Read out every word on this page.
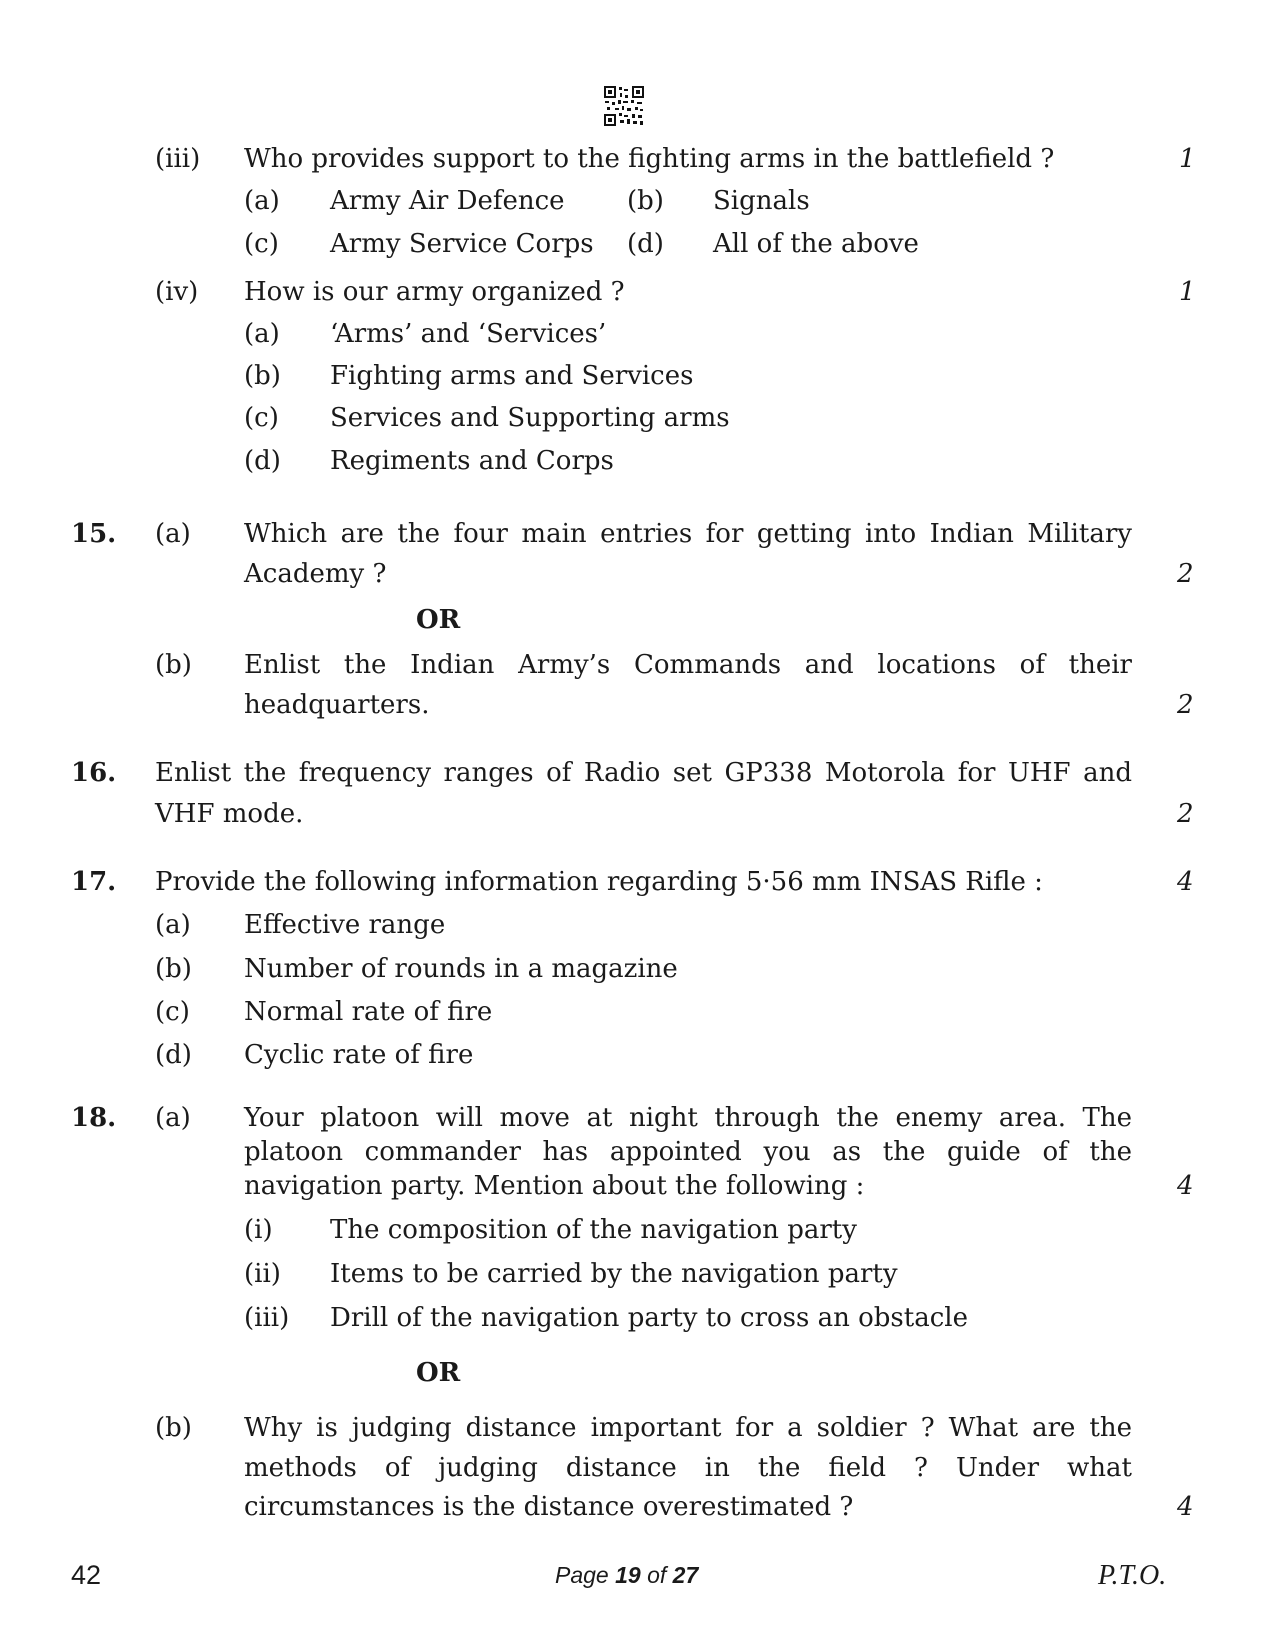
(iii) Who provides support to the fighting arms in the battlefield ?	1
(a) Army Air Defence (b) Signals
(c) Army Service Corps (d) All of the above
(iv) How is our army organized ?	1
(a) ‘Arms’ and ‘Services’
(b) Fighting arms and Services
(c) Services and Supporting arms
(d) Regiments and Corps
15. (a) Which are the four main entries for getting into Indian Military
Academy ?	2
OR
(b) Enlist the Indian Army’s Commands and locations of their
headquarters.	2
16. Enlist the frequency ranges of Radio set GP338 Motorola for UHF and
VHF mode.	2
17. Provide the following information regarding 5·56 mm INSAS Rifle :	4
(a) Effective range
(b) Number of rounds in a magazine
(c) Normal rate of fire
(d) Cyclic rate of fire
18. (a) Your platoon will move at night through the enemy area. The
platoon commander has appointed you as the guide of the
navigation party. Mention about the following :	4
(i) The composition of the navigation party
(ii) Items to be carried by the navigation party
(iii) Drill of the navigation party to cross an obstacle
OR
(b) Why is judging distance important for a soldier ? What are the
methods of judging distance in the field ? Under what
circumstances is the distance overestimated ?	4
42	Page 19 of 27	P.T.O.
